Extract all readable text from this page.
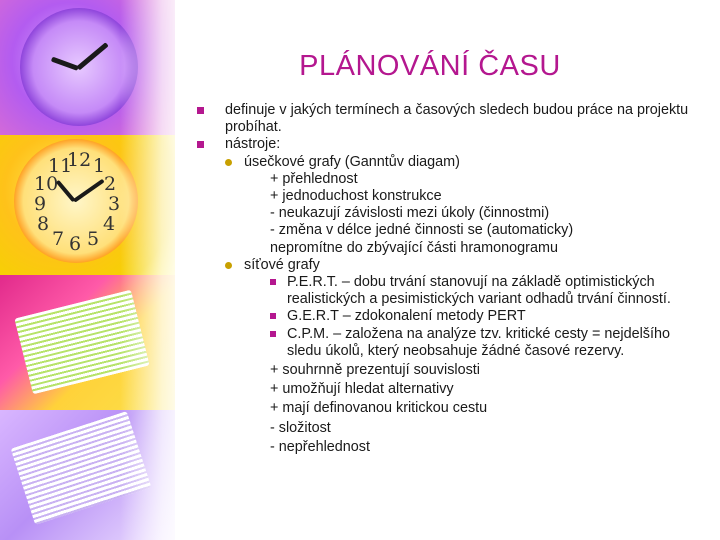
11
12 1
10 2
9	3
8	4
7 6 5
PLÁNOVÁNÍ ČASU
definuje v jakých termínech a časových sledech budou práce na projektu probíhat.
nástroje:
úsečkové grafy (Ganntův diagam)
+ přehlednost
+ jednoduchost konstrukce
- neukazují závislosti mezi úkoly (činnostmi)
- změna v délce jedné činnosti se (automaticky) nepromítne do zbývající části hramonogramu
síťové grafy
P.E.R.T. – dobu trvání stanovují na základě optimistických realistických a pesimistických variant odhadů trvání činností.
G.E.R.T – zdokonalení metody PERT
C.P.M. – založena na analýze tzv. kritické cesty = nejdelšího sledu úkolů, který neobsahuje žádné časové rezervy.
+ souhrnně prezentují souvislosti
+ umožňují hledat alternativy
+ mají definovanou kritickou cestu
- složitost
- nepřehlednost
